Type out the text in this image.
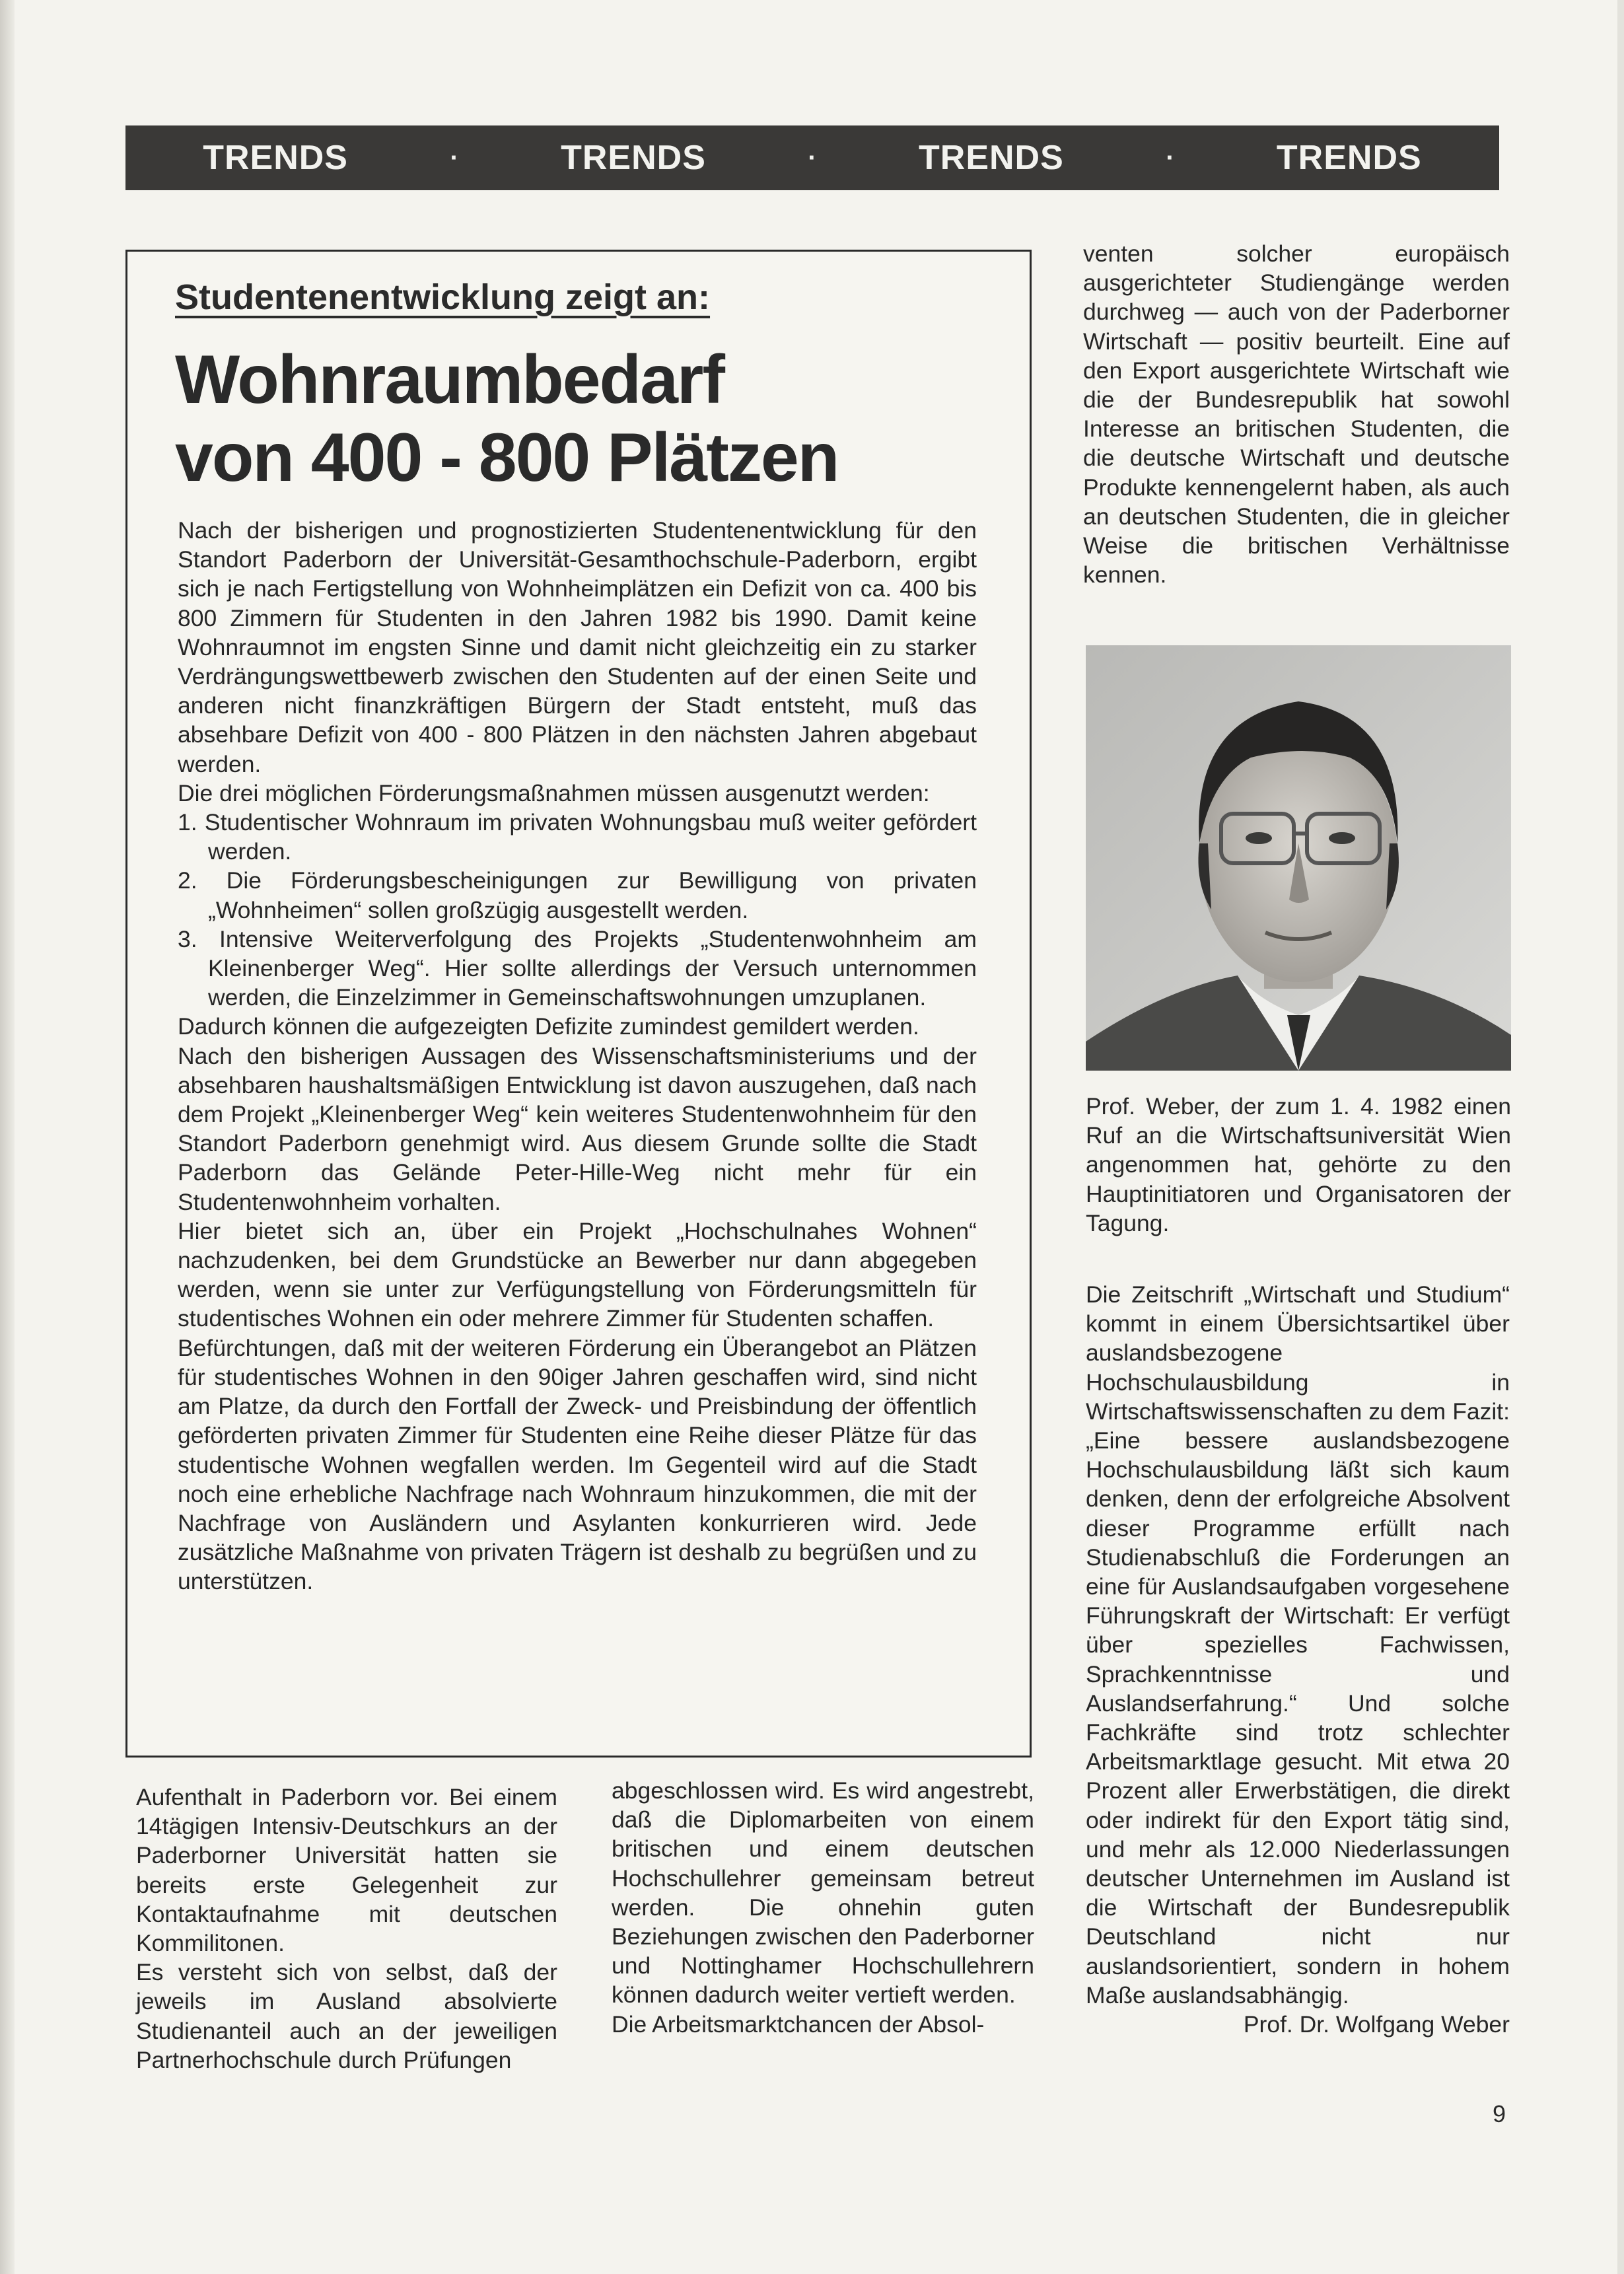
TRENDS	·	TRENDS	·	TRENDS	·	TRENDS
Studentenentwicklung zeigt an:
Wohnraumbedarf
von 400 - 800 Plätzen

Nach der bisherigen und prognostizierten Studentenentwicklung für den Standort Paderborn der Universität-Gesamthochschule-Paderborn, ergibt sich je nach Fertigstellung von Wohnheimplätzen ein Defizit von ca. 400 bis 800 Zimmern für Studenten in den Jahren 1982 bis 1990. Damit keine Wohnraumnot im engsten Sinne und damit nicht gleichzeitig ein zu starker Verdrängungswettbewerb zwischen den Studenten auf der einen Seite und anderen nicht finanzkräftigen Bürgern der Stadt entsteht, muß das absehbare Defizit von 400 - 800 Plätzen in den nächsten Jahren abgebaut werden.

Die drei möglichen Förderungsmaßnahmen müssen ausgenutzt werden:

1. Studentischer Wohnraum im privaten Wohnungsbau muß weiter gefördert werden.
2. Die Förderungsbescheinigungen zur Bewilligung von privaten „Wohnheimen“ sollen großzügig ausgestellt werden.
3. Intensive Weiterverfolgung des Projekts „Studentenwohnheim am Kleinenberger Weg“. Hier sollte allerdings der Versuch unternommen werden, die Einzelzimmer in Gemeinschaftswohnungen umzuplanen.

Dadurch können die aufgezeigten Defizite zumindest gemildert werden.

Nach den bisherigen Aussagen des Wissenschaftsministeriums und der absehbaren haushaltsmäßigen Entwicklung ist davon auszugehen, daß nach dem Projekt „Kleinenberger Weg“ kein weiteres Studentenwohnheim für den Standort Paderborn genehmigt wird. Aus diesem Grunde sollte die Stadt Paderborn das Gelände Peter-Hille-Weg nicht mehr für ein Studentenwohnheim vorhalten.

Hier bietet sich an, über ein Projekt „Hochschulnahes Wohnen“ nachzudenken, bei dem Grundstücke an Bewerber nur dann abgegeben werden, wenn sie unter zur Verfügungstellung von Förderungsmitteln für studentisches Wohnen ein oder mehrere Zimmer für Studenten schaffen.

Befürchtungen, daß mit der weiteren Förderung ein Überangebot an Plätzen für studentisches Wohnen in den 90iger Jahren geschaffen wird, sind nicht am Platze, da durch den Fortfall der Zweck- und Preisbindung der öffentlich geförderten privaten Zimmer für Studenten eine Reihe dieser Plätze für das studentische Wohnen wegfallen werden. Im Gegenteil wird auf die Stadt noch eine erhebliche Nachfrage nach Wohnraum hinzukommen, die mit der Nachfrage von Ausländern und Asylanten konkurrieren wird. Jede zusätzliche Maßnahme von privaten Trägern ist deshalb zu begrüßen und zu unterstützen.

venten solcher europäisch ausgerichteter Studiengänge werden durchweg — auch von der Paderborner Wirtschaft — positiv beurteilt. Eine auf den Export ausgerichtete Wirtschaft wie die der Bundesrepublik hat sowohl Interesse an britischen Studenten, die die deutsche Wirtschaft und deutsche Produkte kennengelernt haben, als auch an deutschen Studenten, die in gleicher Weise die britischen Verhältnisse kennen.

Prof. Weber, der zum 1. 4. 1982 einen Ruf an die Wirtschaftsuniversität Wien angenommen hat, gehörte zu den Hauptinitiatoren und Organisatoren der Tagung.

Die Zeitschrift „Wirtschaft und Studium“ kommt in einem Übersichtsartikel über auslandsbezogene Hochschulausbildung in Wirtschaftswissenschaften zu dem Fazit: „Eine bessere auslandsbezogene Hochschulausbildung läßt sich kaum denken, denn der erfolgreiche Absolvent dieser Programme erfüllt nach Studienabschluß die Forderungen an eine für Auslandsaufgaben vorgesehene Führungskraft der Wirtschaft: Er verfügt über spezielles Fachwissen, Sprachkenntnisse und Auslandserfahrung.“ Und solche Fachkräfte sind trotz schlechter Arbeitsmarktlage gesucht. Mit etwa 20 Prozent aller Erwerbstätigen, die direkt oder indirekt für den Export tätig sind, und mehr als 12.000 Niederlassungen deutscher Unternehmen im Ausland ist die Wirtschaft der Bundesrepublik Deutschland nicht nur auslandsorientiert, sondern in hohem Maße auslandsabhängig.

Prof. Dr. Wolfgang Weber

Aufenthalt in Paderborn vor. Bei einem 14tägigen Intensiv-Deutschkurs an der Paderborner Universität hatten sie bereits erste Gelegenheit zur Kontaktaufnahme mit deutschen Kommilitonen.

Es versteht sich von selbst, daß der jeweils im Ausland absolvierte Studienanteil auch an der jeweiligen Partnerhochschule durch Prüfungen

abgeschlossen wird. Es wird angestrebt, daß die Diplomarbeiten von einem britischen und einem deutschen Hochschullehrer gemeinsam betreut werden. Die ohnehin guten Beziehungen zwischen den Paderborner und Nottinghamer Hochschullehrern können dadurch weiter vertieft werden.

Die Arbeitsmarktchancen der Absol-

9
